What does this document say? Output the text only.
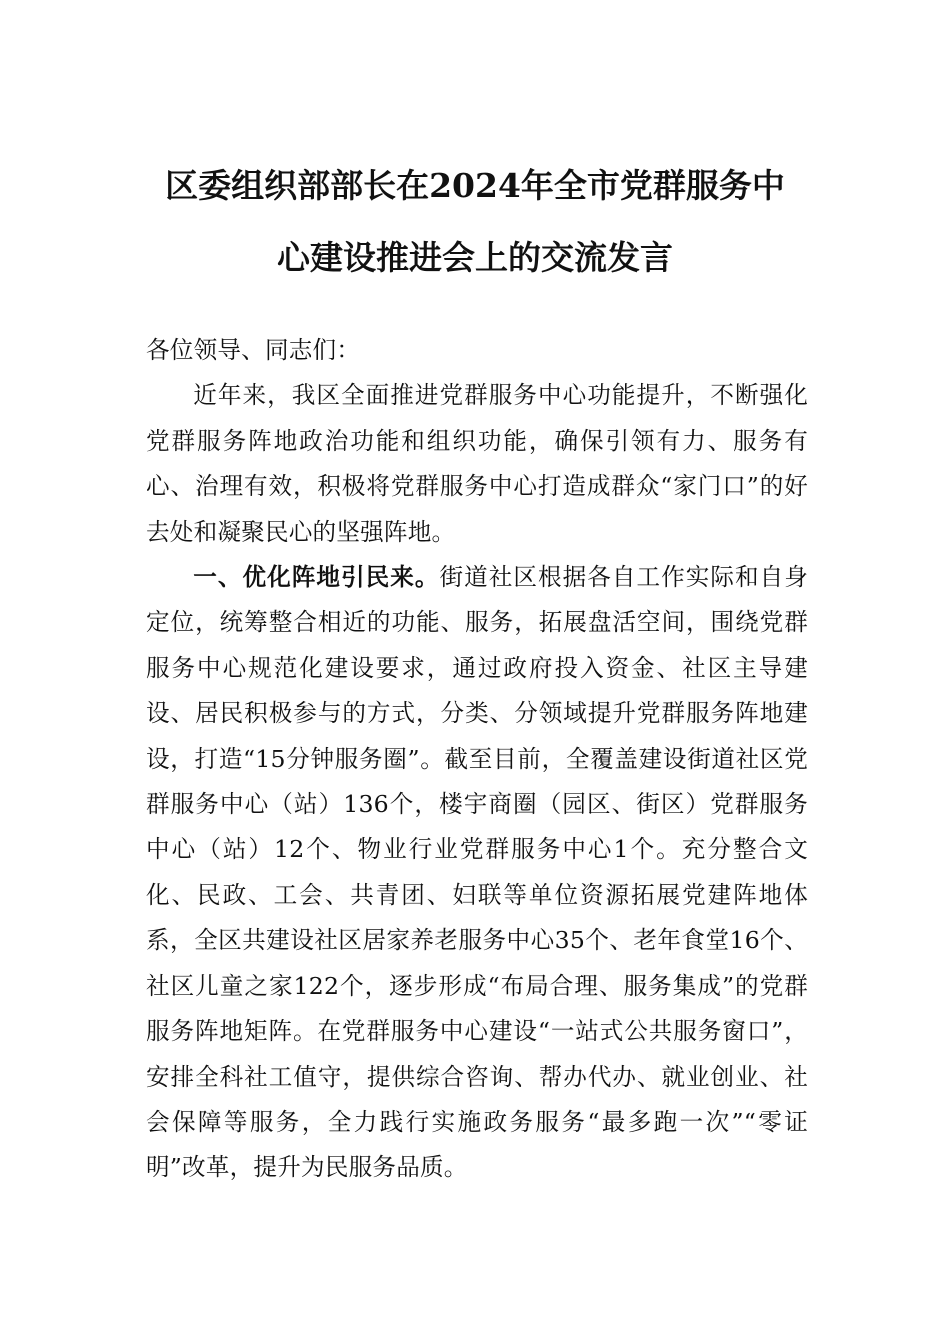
区委组织部部长在2024年全市党群服务中
心建设推进会上的交流发言

各位领导、同志们：

近年来，我区全面推进党群服务中心功能提升，不断强化党群服务阵地政治功能和组织功能，确保引领有力、服务有心、治理有效，积极将党群服务中心打造成群众“家门口”的好去处和凝聚民心的坚强阵地。

一、优化阵地引民来。街道社区根据各自工作实际和自身定位，统筹整合相近的功能、服务，拓展盘活空间，围绕党群服务中心规范化建设要求，通过政府投入资金、社区主导建设、居民积极参与的方式，分类、分领域提升党群服务阵地建设，打造“15分钟服务圈”。截至目前，全覆盖建设街道社区党群服务中心（站）136个，楼宇商圈（园区、街区）党群服务中心（站）12个、物业行业党群服务中心1个。充分整合文化、民政、工会、共青团、妇联等单位资源拓展党建阵地体系，全区共建设社区居家养老服务中心35个、老年食堂16个、社区儿童之家122个，逐步形成“布局合理、服务集成”的党群服务阵地矩阵。在党群服务中心建设“一站式公共服务窗口”，安排全科社工值守，提供综合咨询、帮办代办、就业创业、社会保障等服务，全力践行实施政务服务“最多跑一次”“零证明”改革，提升为民服务品质。
